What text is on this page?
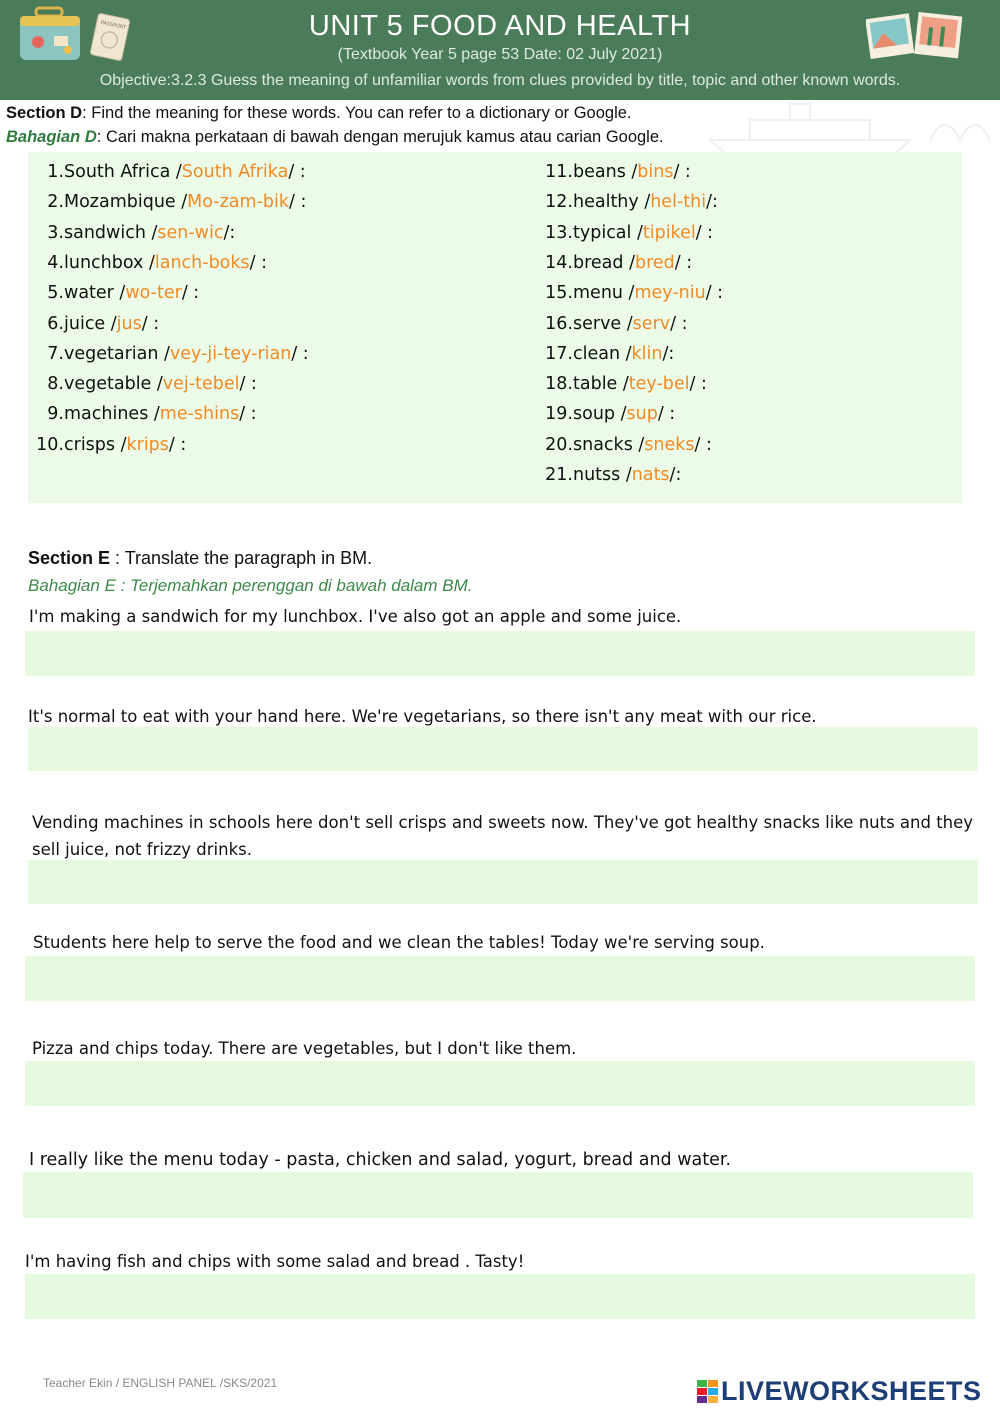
PASSPORT	UNIT 5 FOOD AND HEALTH
(Textbook Year 5 page 53 Date: 02 July 2021)
Objective:3.2.3 Guess the meaning of unfamiliar words from clues provided by title, topic and other known words.
Section D: Find the meaning for these words. You can refer to a dictionary or Google.
Bahagian D: Cari makna perkataan di bawah dengan merujuk kamus atau carian Google.
1.South Africa /South Afrika/ :
2.Mozambique /Mo-zam-bik/ :
3.sandwich /sen-wic/:
4.lunchbox /lanch-boks/ :
5.water /wo-ter/ :
6.juice /jus/ :
7.vegetarian /vey-ji-tey-rian/ :
8.vegetable /vej-tebel/ :
9.machines /me-shins/ :
10.crisps /krips/ :
11.beans /bins/ :
12.healthy /hel-thi/:
13.typical /tipikel/ :
14.bread /bred/ :
15.menu /mey-niu/ :
16.serve /serv/ :
17.clean /klin/:
18.table /tey-bel/ :
19.soup /sup/ :
20.snacks /sneks/ :
21.nutss /nats/:
Section E : Translate the paragraph in BM.
Bahagian E : Terjemahkan perenggan di bawah dalam BM.
I'm making a sandwich for my lunchbox. I've also got an apple and some juice.
It's normal to eat with your hand here. We're vegetarians, so there isn't any meat with our rice.
Vending machines in schools here don't sell crisps and sweets now. They've got healthy snacks like nuts and they sell juice, not frizzy drinks.
Students here help to serve the food and we clean the tables! Today we're serving soup.
Pizza and chips today. There are vegetables, but I don't like them.
I really like the menu today - pasta, chicken and salad, yogurt, bread and water.
I'm having fish and chips with some salad and bread . Tasty!
Teacher Ekin / ENGLISH PANEL /SKS/2021	LIVEWORKSHEETS
